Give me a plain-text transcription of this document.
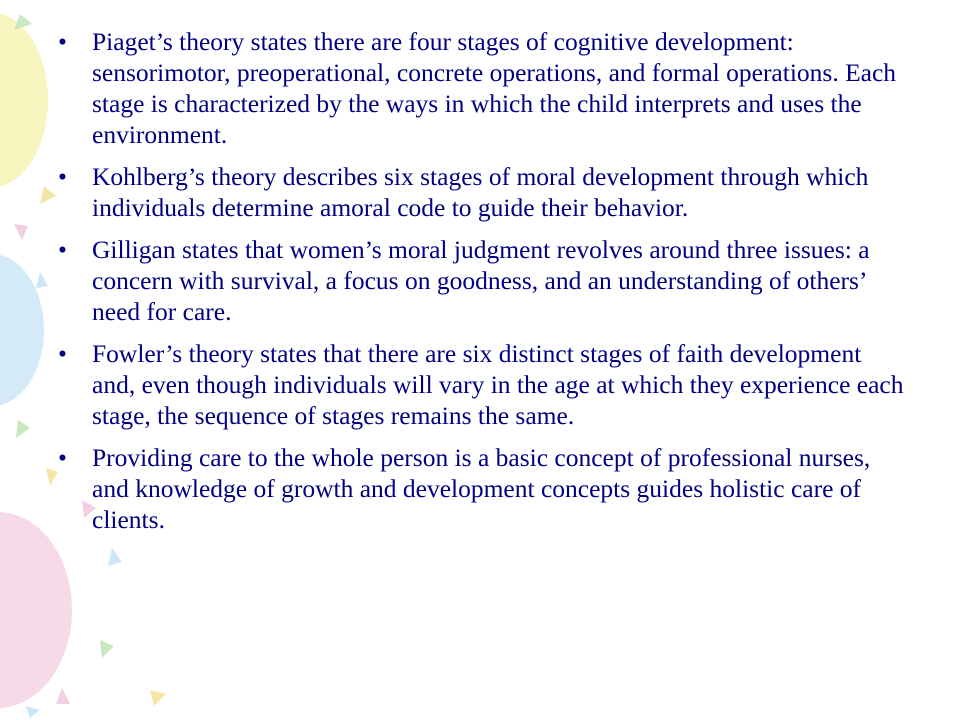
• Piaget’s theory states there are four stages of cognitive development: sensorimotor, preoperational, concrete operations, and formal operations. Each stage is characterized by the ways in which the child interprets and uses the environment.
• Kohlberg’s theory describes six stages of moral development through which individuals determine amoral code to guide their behavior.
• Gilligan states that women’s moral judgment revolves around three issues: a concern with survival, a focus on goodness, and an understanding of others’ need for care.
• Fowler’s theory states that there are six distinct stages of faith development and, even though individuals will vary in the age at which they experience each stage, the sequence of stages remains the same.
• Providing care to the whole person is a basic concept of professional nurses, and knowledge of growth and development concepts guides holistic care of clients.
